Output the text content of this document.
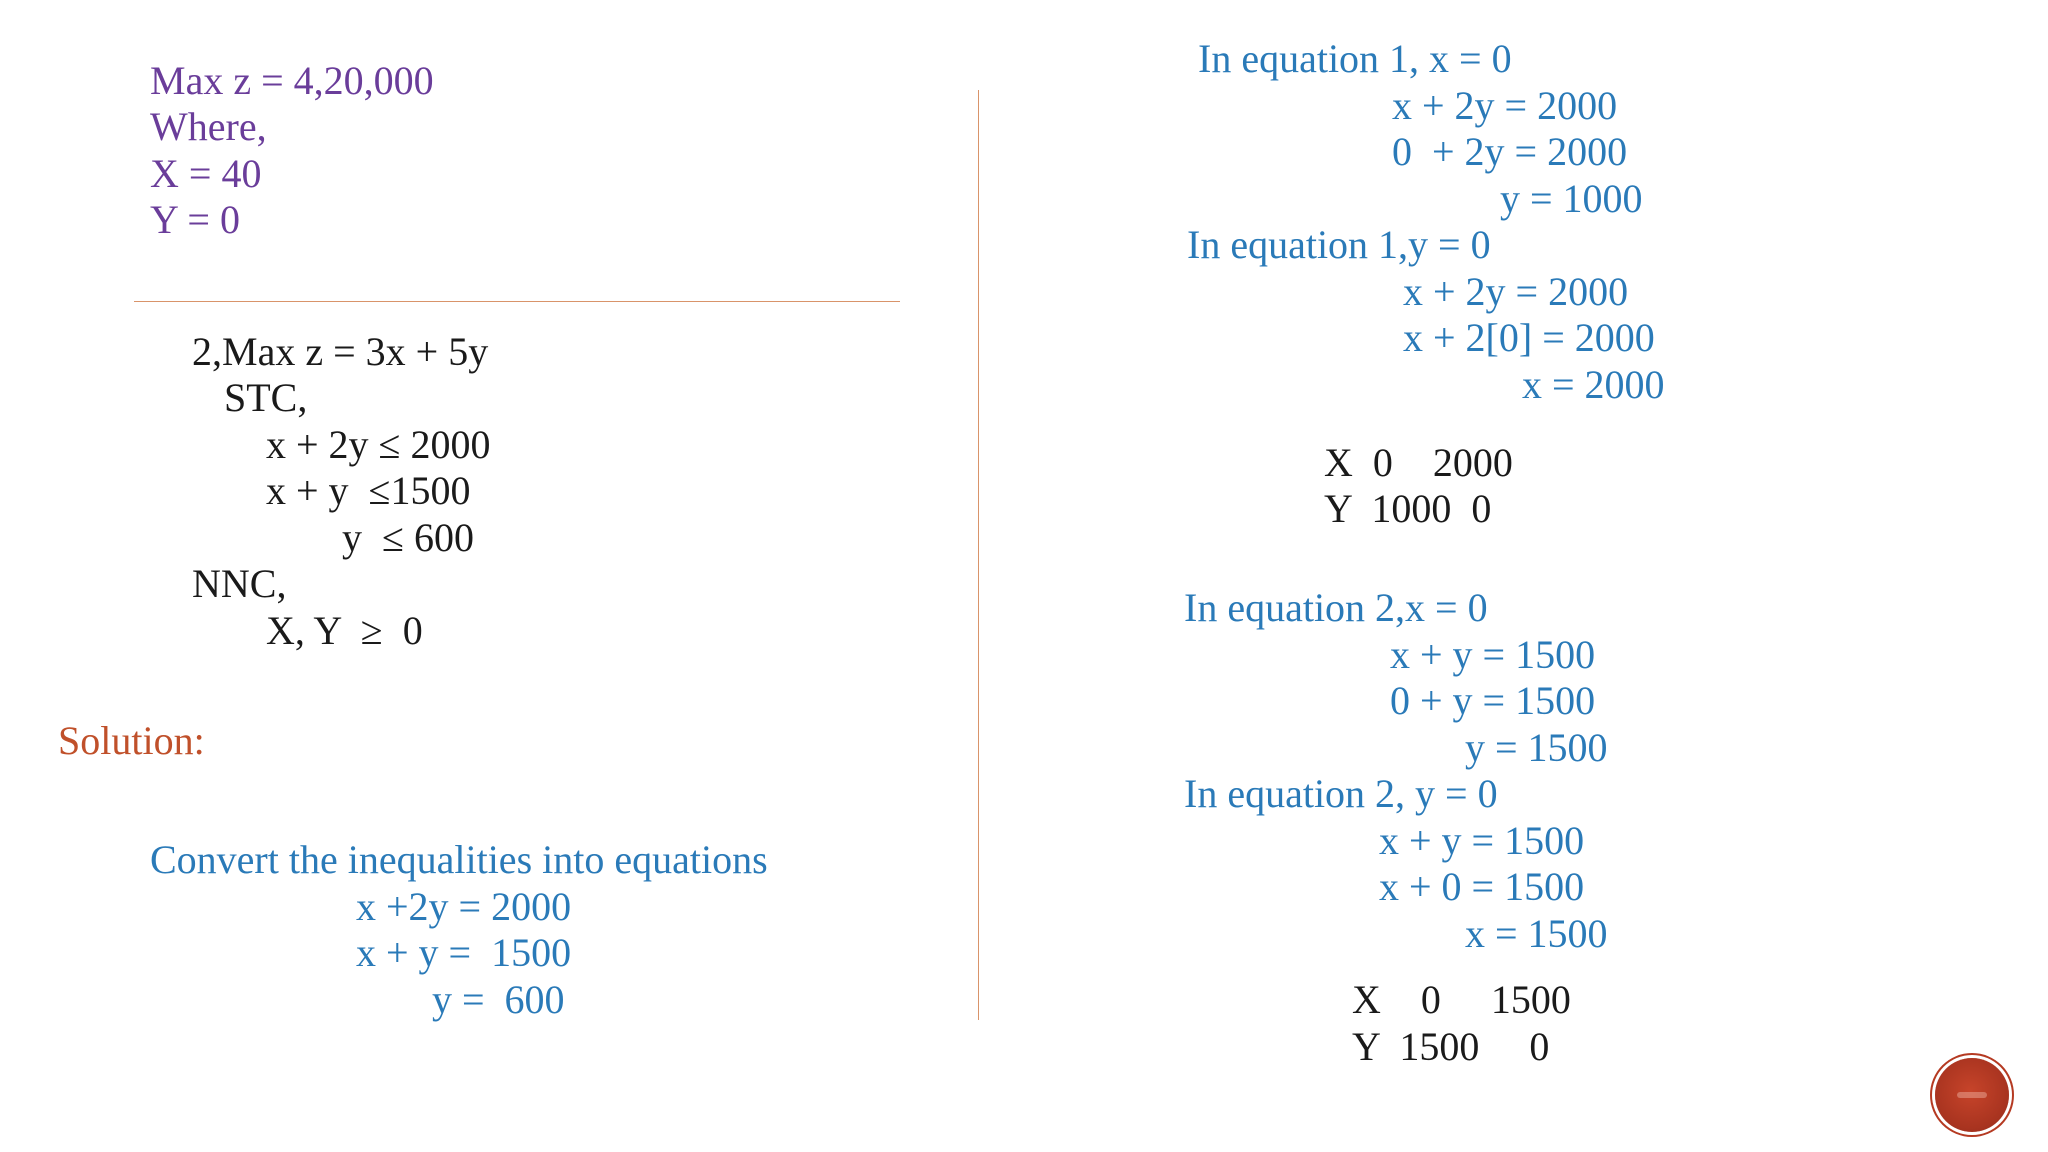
Max z = 4,20,000
Where,
X = 40
Y = 0
2,Max z = 3x + 5y
STC,
x + 2y ≤ 2000
x + y  ≤1500
y  ≤ 600
NNC,
X, Y  ≥  0
Solution:
Convert the inequalities into equations
x +2y = 2000
x + y =  1500
y =  600
In equation 1, x = 0
x + 2y = 2000
0  + 2y = 2000
y = 1000
In equation 1,y = 0
x + 2y = 2000
x + 2[0] = 2000
x = 2000
X  0    2000
Y  1000  0
In equation 2,x = 0
x + y = 1500
0 + y = 1500
y = 1500
In equation 2, y = 0
x + y = 1500
x + 0 = 1500
x = 1500
X    0     1500
Y  1500     0
